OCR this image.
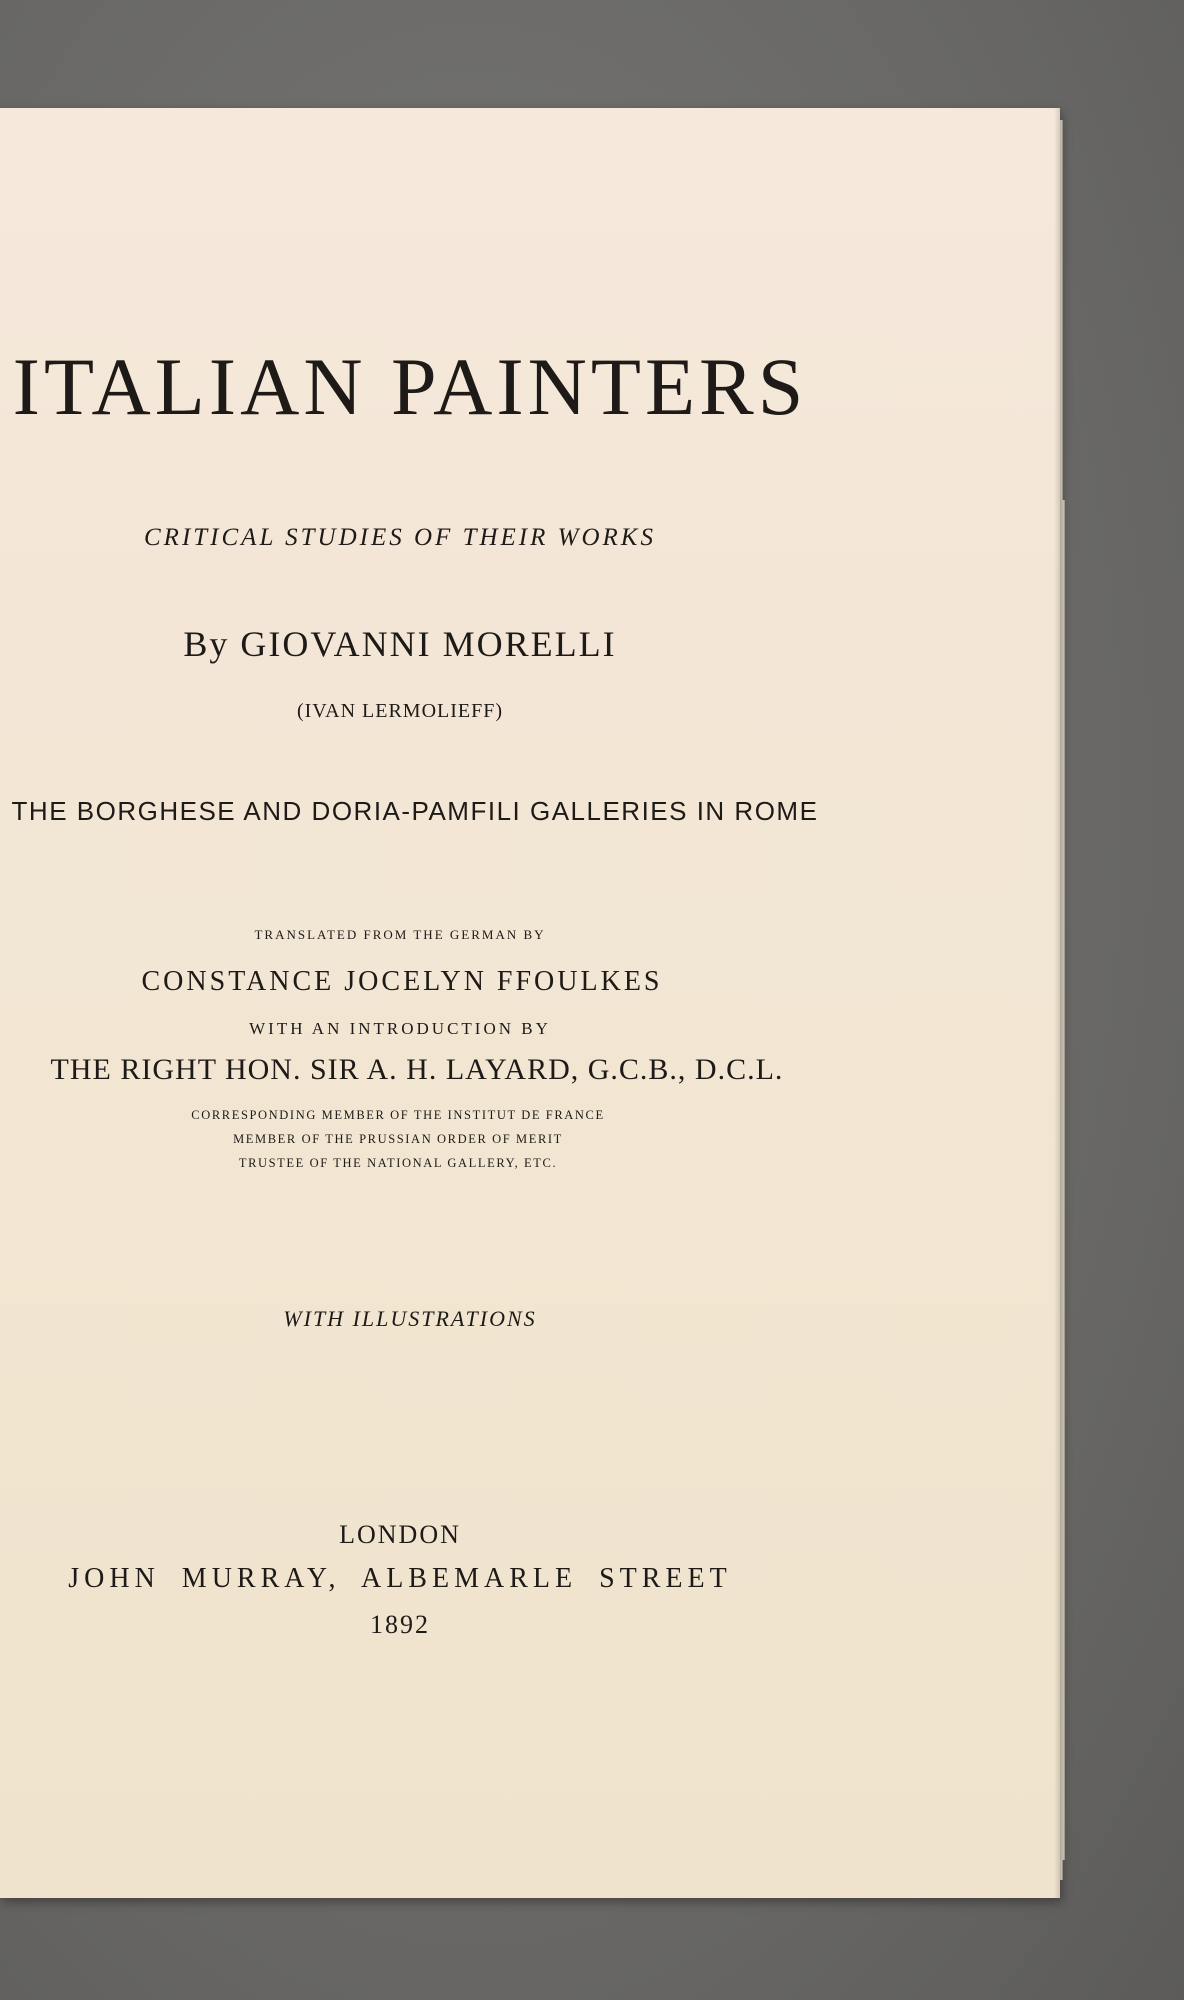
ITALIAN PAINTERS

CRITICAL STUDIES OF THEIR WORKS

By GIOVANNI MORELLI

(IVAN LERMOLIEFF)

THE BORGHESE AND DORIA-PAMFILI GALLERIES IN ROME

TRANSLATED FROM THE GERMAN BY

CONSTANCE JOCELYN FFOULKES

WITH AN INTRODUCTION BY

THE RIGHT HON. SIR A. H. LAYARD, G.C.B., D.C.L.

CORRESPONDING MEMBER OF THE INSTITUT DE FRANCE

MEMBER OF THE PRUSSIAN ORDER OF MERIT

TRUSTEE OF THE NATIONAL GALLERY, ETC.

WITH ILLUSTRATIONS

LONDON

JOHN MURRAY, ALBEMARLE STREET

1892
